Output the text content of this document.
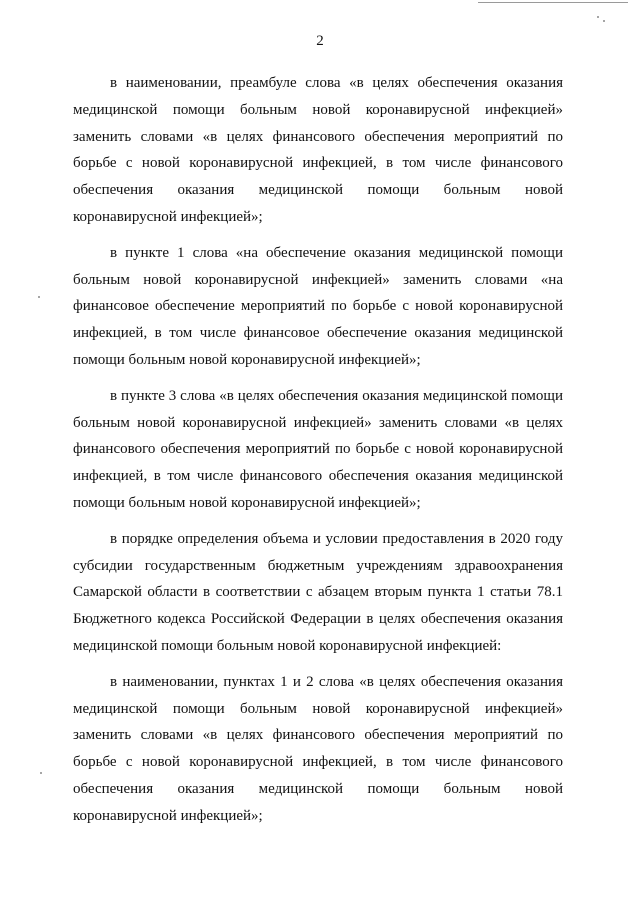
2

в наименовании, преамбуле слова «в целях обеспечения оказания медицинской помощи больным новой коронавирусной инфекцией» заменить словами «в целях финансового обеспечения мероприятий по борьбе с новой коронавирусной инфекцией, в том числе финансового обеспечения оказания медицинской помощи больным новой коронавирусной инфекцией»;

в пункте 1 слова «на обеспечение оказания медицинской помощи больным новой коронавирусной инфекцией» заменить словами «на финансовое обеспечение мероприятий по борьбе с новой коронавирусной инфекцией, в том числе финансовое обеспечение оказания медицинской помощи больным новой коронавирусной инфекцией»;

в пункте 3 слова «в целях обеспечения оказания медицинской помощи больным новой коронавирусной инфекцией» заменить словами «в целях финансового обеспечения мероприятий по борьбе с новой коронавирусной инфекцией, в том числе финансового обеспечения оказания медицинской помощи больным новой коронавирусной инфекцией»;

в порядке определения объема и условии предоставления в 2020 году субсидии государственным бюджетным учреждениям здравоохранения Самарской области в соответствии с абзацем вторым пункта 1 статьи 78.1 Бюджетного кодекса Российской Федерации в целях обеспечения оказания медицинской помощи больным новой коронавирусной инфекцией:

в наименовании, пунктах 1 и 2 слова «в целях обеспечения оказания медицинской помощи больным новой коронавирусной инфекцией» заменить словами «в целях финансового обеспечения мероприятий по борьбе с новой коронавирусной инфекцией, в том числе финансового обеспечения оказания медицинской помощи больным новой коронавирусной инфекцией»;
